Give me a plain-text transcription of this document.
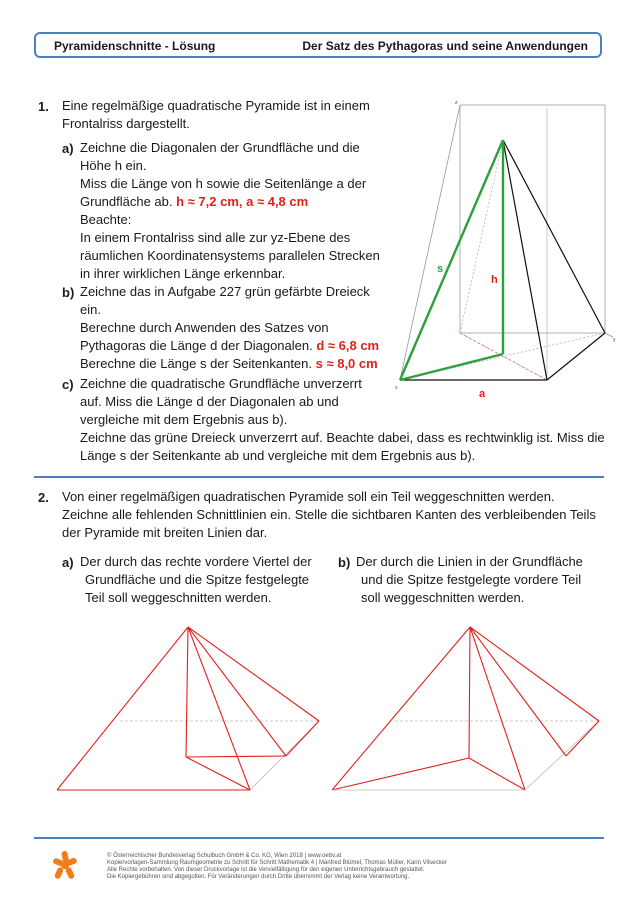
Pyramidenschnitte - Lösung	Der Satz des Pythagoras und seine Anwendungen
1. Eine regelmäßige quadratische Pyramide ist in einem
Frontalriss dargestellt.
a) Zeichne die Diagonalen der Grundfläche und die
Höhe h ein.
Miss die Länge von h sowie die Seitenlänge a der
Grundfläche ab. h ≈ 7,2 cm, a ≈ 4,8 cm
Beachte:
In einem Frontalriss sind alle zur yz-Ebene des
räumlichen Koordinatensystems parallelen Strecken
in ihrer wirklichen Länge erkennbar.
b) Zeichne das in Aufgabe 227 grün gefärbte Dreieck
ein.
Berechne durch Anwenden des Satzes von
Pythagoras die Länge d der Diagonalen. d ≈ 6,8 cm
Berechne die Länge s der Seitenkanten. s ≈ 8,0 cm
c) Zeichne die quadratische Grundfläche unverzerrt
auf. Miss die Länge d der Diagonalen ab und
vergleiche mit dem Ergebnis aus b).
Zeichne das grüne Dreieck unverzerrt auf. Beachte dabei, dass es rechtwinklig ist. Miss die
Länge s der Seitenkante ab und vergleiche mit dem Ergebnis aus b).
s
h
a
x
y
z
2. Von einer regelmäßigen quadratischen Pyramide soll ein Teil weggeschnitten werden.
Zeichne alle fehlenden Schnittlinien ein. Stelle die sichtbaren Kanten des verbleibenden Teils
der Pyramide mit breiten Linien dar.
a) Der durch das rechte vordere Viertel der
Grundfläche und die Spitze festgelegte
Teil soll weggeschnitten werden.
b) Der durch die Linien in der Grundfläche
und die Spitze festgelegte vordere Teil
soll weggeschnitten werden.
© Österreichischer Bundesverlag Schulbuch GmbH & Co. KG, Wien 2018 | www.oebv.at
Kopiervorlagen-Sammlung Raumgeometrie zu Schritt für Schritt Mathematik 4 | Manfred Blümel, Thomas Müller, Karin Vilsecker
Alle Rechte vorbehalten. Von dieser Druckvorlage ist die Vervielfältigung für den eigenen Unterrichtsgebrauch gestattet.
Die Kopiergebühren sind abgegolten. Für Veränderungen durch Dritte übernimmt der Verlag keine Verantwortung.
